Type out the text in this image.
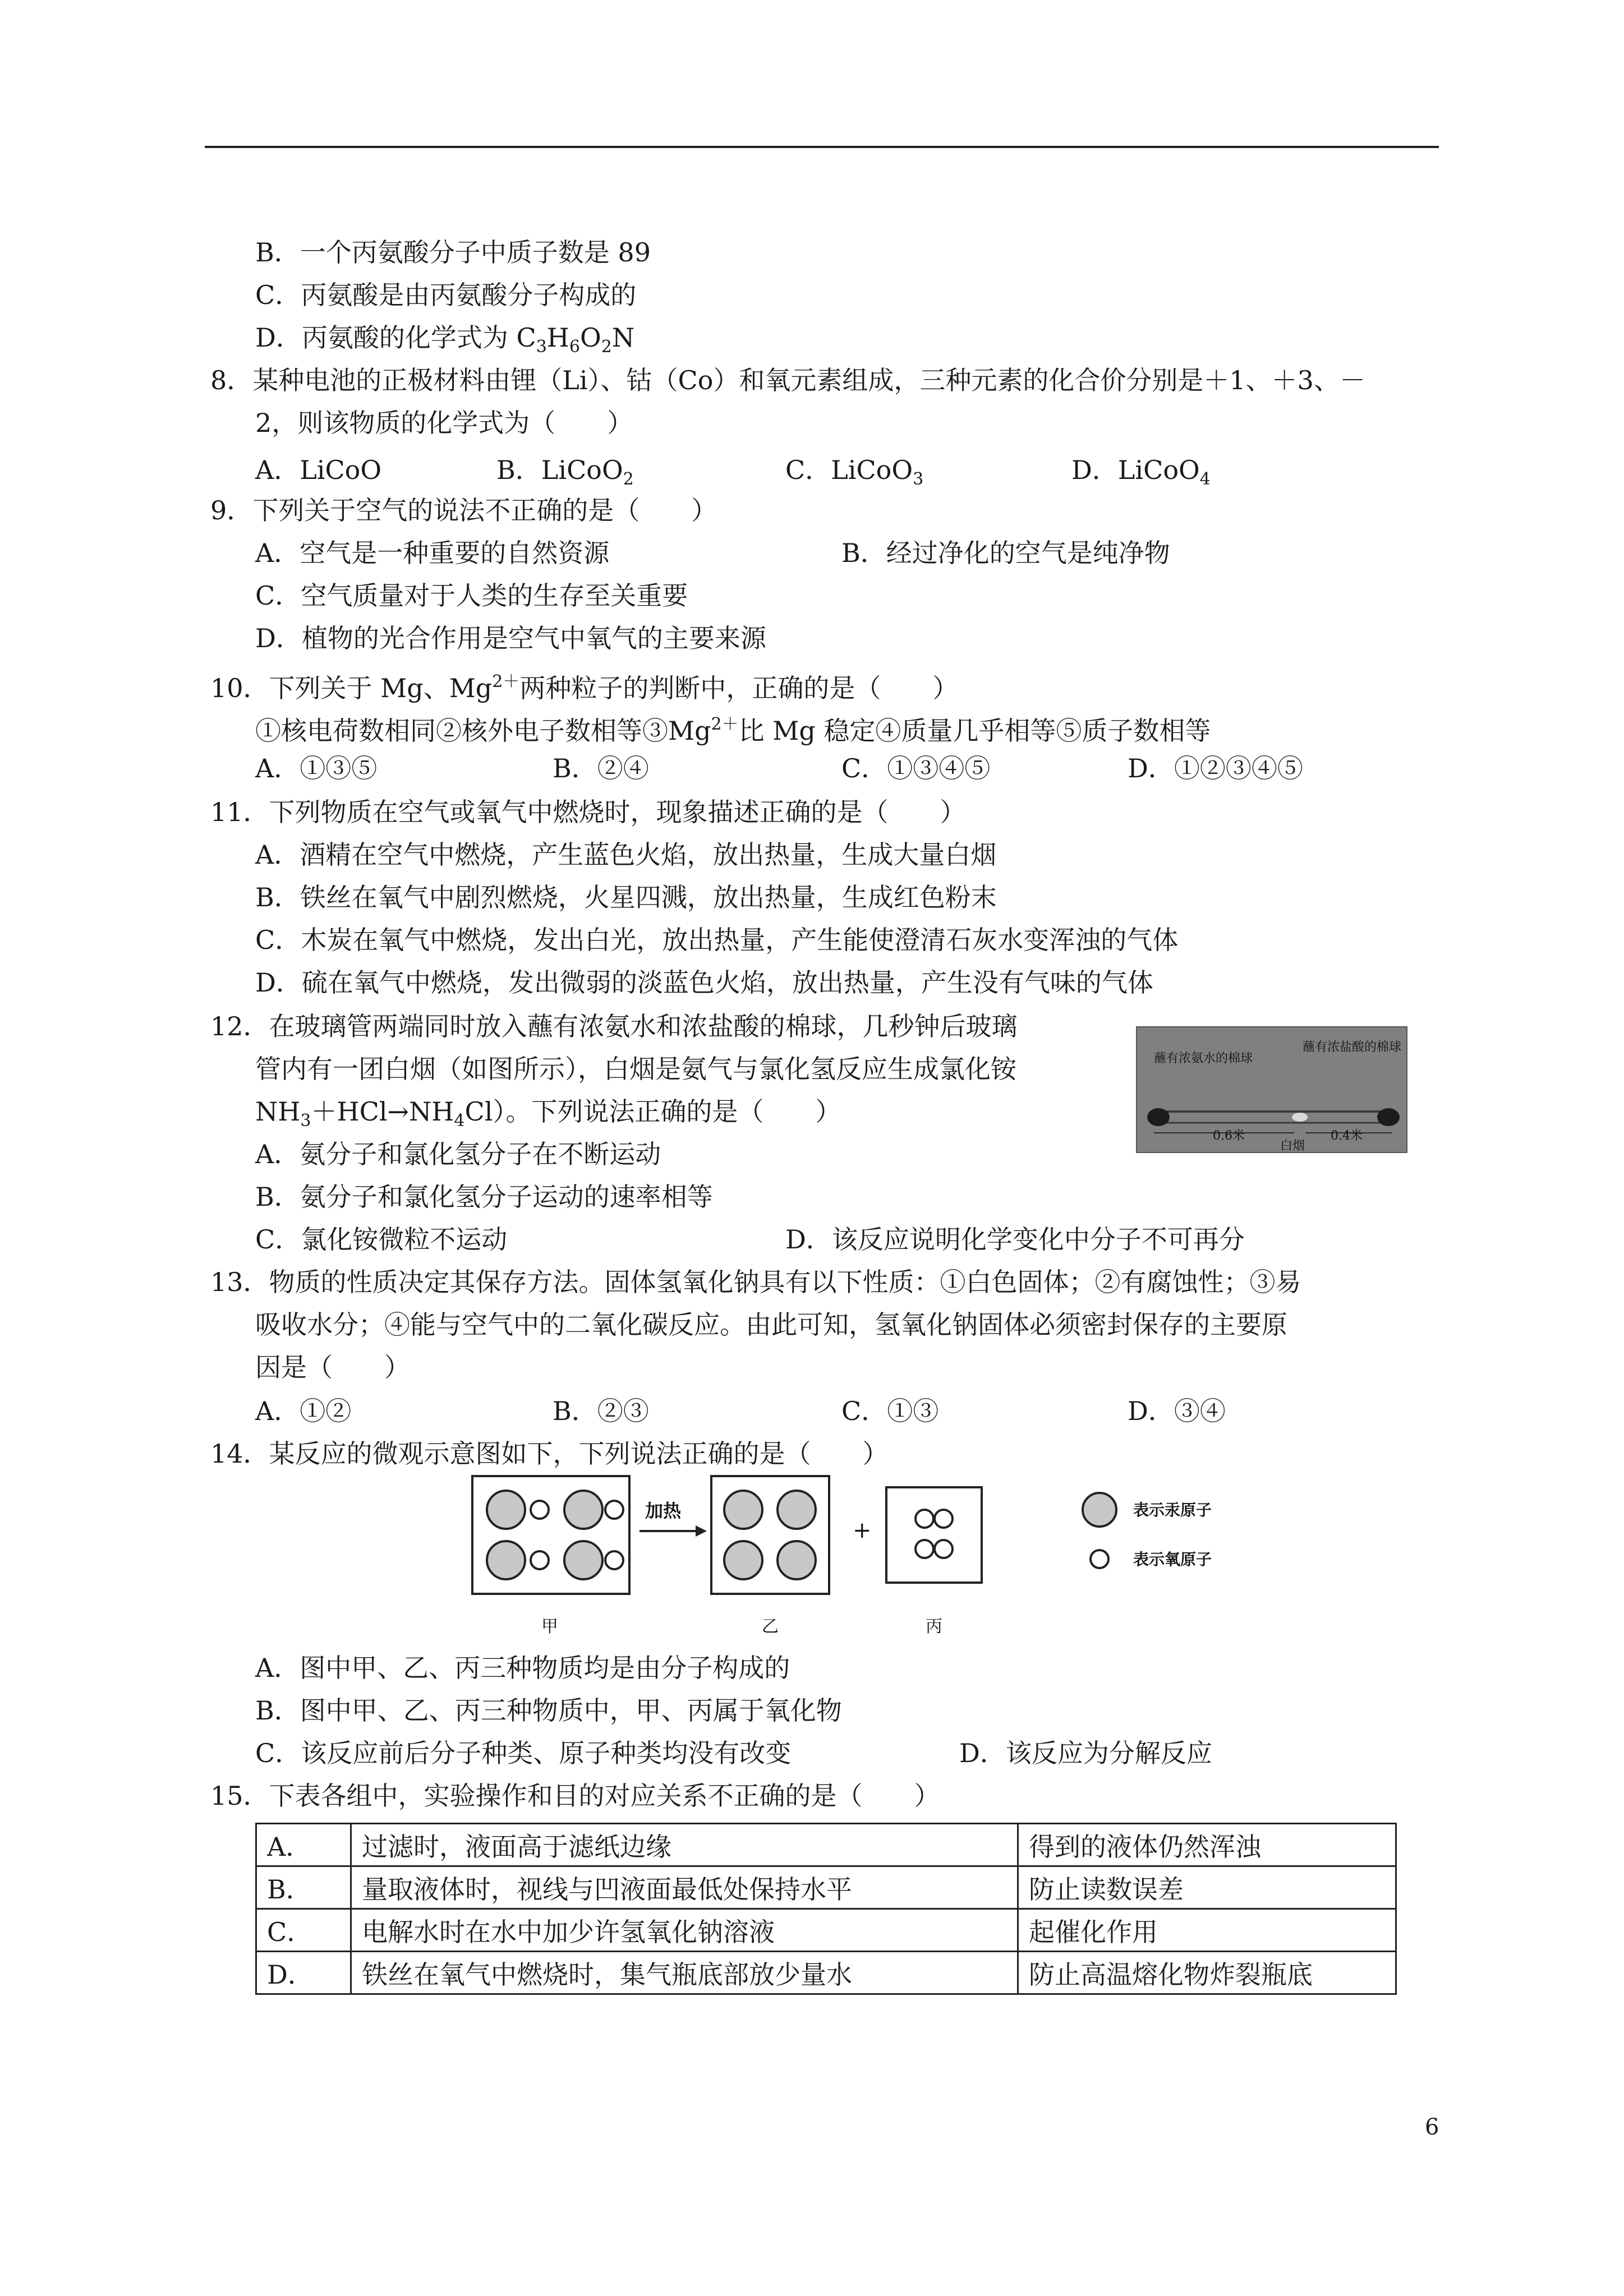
B．一个丙氨酸分子中质子数是 89
C．丙氨酸是由丙氨酸分子构成的
D．丙氨酸的化学式为 $C_3H_6O_2N$
8．某种电池的正极材料由锂（Li）、钴（Co）和氧元素组成，三种元素的化合价分别是＋1、＋3、－
2，则该物质的化学式为（　　）
A．LiCoO	B．LiCoO$_2$	C．LiCoO$_3$	D．LiCoO$_4$
9．下列关于空气的说法不正确的是（　　）
A．空气是一种重要的自然资源	B．经过净化的空气是纯净物
C．空气质量对于人类的生存至关重要
D．植物的光合作用是空气中氧气的主要来源
10．下列关于 Mg、$Mg^{2+}$两种粒子的判断中，正确的是（　　）
①核电荷数相同②核外电子数相等$③Mg^{2+}$比 Mg 稳定④质量几乎相等⑤质子数相等
A．①③⑤	B．②④	C．①③④⑤	D．①②③④⑤
11．下列物质在空气或氧气中燃烧时，现象描述正确的是（　　）
A．酒精在空气中燃烧，产生蓝色火焰，放出热量，生成大量白烟
B．铁丝在氧气中剧烈燃烧，火星四溅，放出热量，生成红色粉末
C．木炭在氧气中燃烧，发出白光，放出热量，产生能使澄清石灰水变浑浊的气体
D．硫在氧气中燃烧，发出微弱的淡蓝色火焰，放出热量，产生没有气味的气体
12．在玻璃管两端同时放入蘸有浓氨水和浓盐酸的棉球，几秒钟后玻璃
管内有一团白烟（如图所示），白烟是氨气与氯化氢反应生成氯化铵
$NH_3+HCl\to NH_4Cl$）。下列说法正确的是（　　）
A．氨分子和氯化氢分子在不断运动
B．氨分子和氯化氢分子运动的速率相等
C．氯化铵微粒不运动	D．该反应说明化学变化中分子不可再分
蘸有浓氨水的棉球
蘸有浓盐酸的棉球
0.6米	0.4米
白烟
13．物质的性质决定其保存方法。固体氢氧化钠具有以下性质：①白色固体；②有腐蚀性；③易
吸收水分；④能与空气中的二氧化碳反应。由此可知，氢氧化钠固体必须密封保存的主要原
因是（　　）
A．①②	B．②③	C．①③	D．③④
14．某反应的微观示意图如下，下列说法正确的是（　　）
加热
+
表示汞原子
表示氧原子
甲	乙	丙
A．图中甲、乙、丙三种物质均是由分子构成的
B．图中甲、乙、丙三种物质中，甲、丙属于氧化物
C．该反应前后分子种类、原子种类均没有改变	D．该反应为分解反应
15．下表各组中，实验操作和目的对应关系不正确的是（　　）
A．	过滤时，液面高于滤纸边缘	得到的液体仍然浑浊
B．	量取液体时，视线与凹液面最低处保持水平	防止读数误差
C．	电解水时在水中加少许氢氧化钠溶液	起催化作用
D．	铁丝在氧气中燃烧时，集气瓶底部放少量水	防止高温熔化物炸裂瓶底
6
